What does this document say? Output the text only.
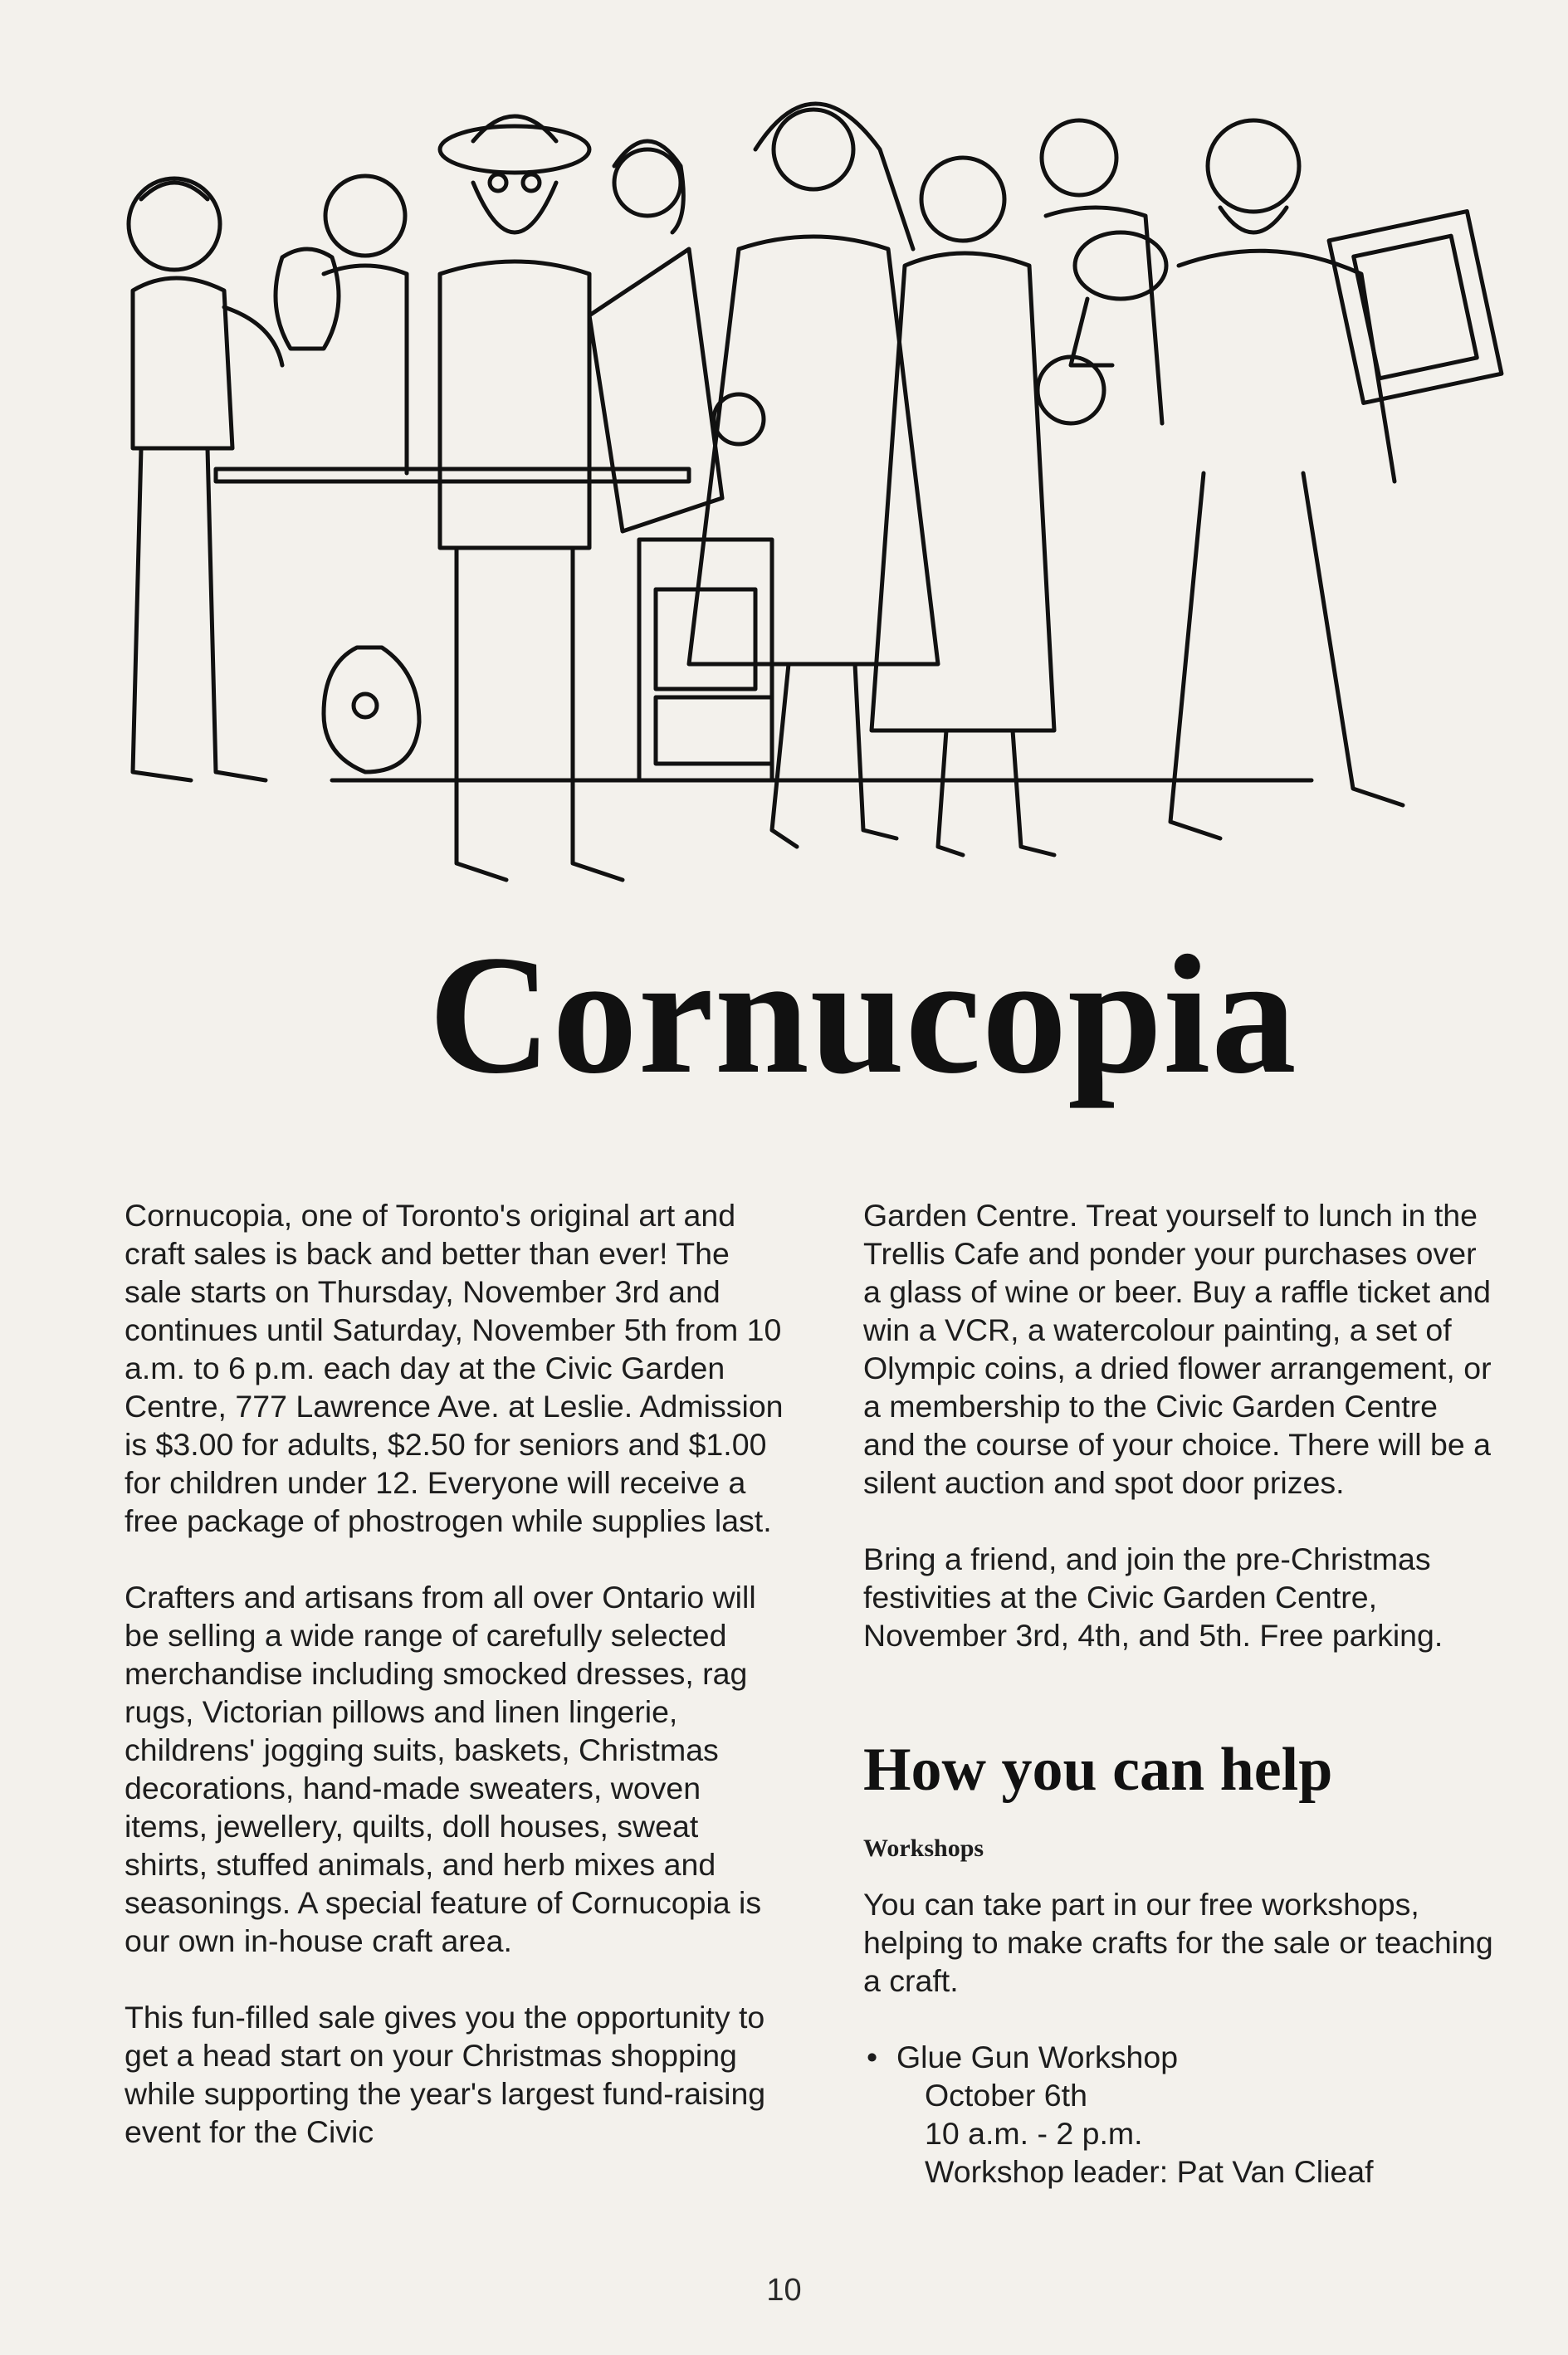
Cornucopia

Cornucopia, one of Toronto's original art and craft sales is back and better than ever! The sale starts on Thursday, November 3rd and continues until Saturday, November 5th from 10 a.m. to 6 p.m. each day at the Civic Garden Centre, 777 Lawrence Ave. at Leslie. Admission is $3.00 for adults, $2.50 for seniors and $1.00 for children under 12. Everyone will receive a free package of phostrogen while supplies last.

Crafters and artisans from all over Ontario will be selling a wide range of carefully selected merchandise including smocked dresses, rag rugs, Victorian pillows and linen lingerie, childrens' jogging suits, baskets, Christmas decorations, hand-made sweaters, woven items, jewellery, quilts, doll houses, sweat shirts, stuffed animals, and herb mixes and seasonings. A special feature of Cornucopia is our own in-house craft area.

This fun-filled sale gives you the opportunity to get a head start on your Christmas shopping while supporting the year's largest fund-raising event for the Civic

Garden Centre. Treat yourself to lunch in the Trellis Cafe and ponder your purchases over a glass of wine or beer. Buy a raffle ticket and win a VCR, a watercolour painting, a set of Olympic coins, a dried flower arrangement, or a membership to the Civic Garden Centre and the course of your choice. There will be a silent auction and spot door prizes.

Bring a friend, and join the pre-Christmas festivities at the Civic Garden Centre, November 3rd, 4th, and 5th. Free parking.

How you can help
Workshops

You can take part in our free workshops, helping to make crafts for the sale or teaching a craft.

• Glue Gun Workshop
October 6th
10 a.m. - 2 p.m.
Workshop leader: Pat Van Clieaf
10
